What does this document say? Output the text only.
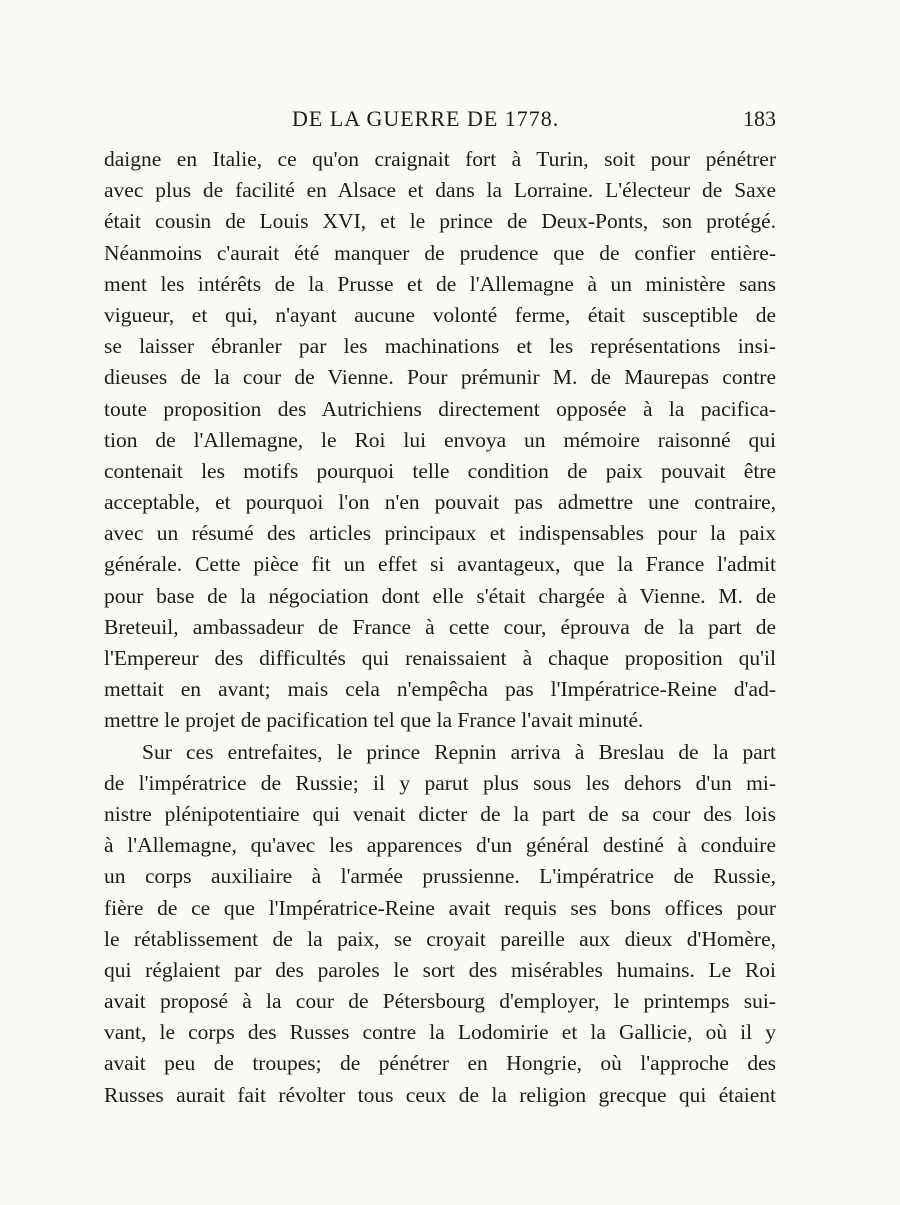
DE LA GUERRE DE 1778.	183
daigne en Italie, ce qu'on craignait fort à Turin, soit pour pénétrer
avec plus de facilité en Alsace et dans la Lorraine. L'électeur de Saxe
était cousin de Louis XVI, et le prince de Deux-Ponts, son protégé.
Néanmoins c'aurait été manquer de prudence que de confier entière-
ment les intérêts de la Prusse et de l'Allemagne à un ministère sans
vigueur, et qui, n'ayant aucune volonté ferme, était susceptible de
se laisser ébranler par les machinations et les représentations insi-
dieuses de la cour de Vienne. Pour prémunir M. de Maurepas contre
toute proposition des Autrichiens directement opposée à la pacifica-
tion de l'Allemagne, le Roi lui envoya un mémoire raisonné qui
contenait les motifs pourquoi telle condition de paix pouvait être
acceptable, et pourquoi l'on n'en pouvait pas admettre une contraire,
avec un résumé des articles principaux et indispensables pour la paix
générale. Cette pièce fit un effet si avantageux, que la France l'admit
pour base de la négociation dont elle s'était chargée à Vienne. M. de
Breteuil, ambassadeur de France à cette cour, éprouva de la part de
l'Empereur des difficultés qui renaissaient à chaque proposition qu'il
mettait en avant; mais cela n'empêcha pas l'Impératrice-Reine d'ad-
mettre le projet de pacification tel que la France l'avait minuté.
Sur ces entrefaites, le prince Repnin arriva à Breslau de la part
de l'impératrice de Russie; il y parut plus sous les dehors d'un mi-
nistre plénipotentiaire qui venait dicter de la part de sa cour des lois
à l'Allemagne, qu'avec les apparences d'un général destiné à conduire
un corps auxiliaire à l'armée prussienne. L'impératrice de Russie,
fière de ce que l'Impératrice-Reine avait requis ses bons offices pour
le rétablissement de la paix, se croyait pareille aux dieux d'Homère,
qui réglaient par des paroles le sort des misérables humains. Le Roi
avait proposé à la cour de Pétersbourg d'employer, le printemps sui-
vant, le corps des Russes contre la Lodomirie et la Gallicie, où il y
avait peu de troupes; de pénétrer en Hongrie, où l'approche des
Russes aurait fait révolter tous ceux de la religion grecque qui étaient
